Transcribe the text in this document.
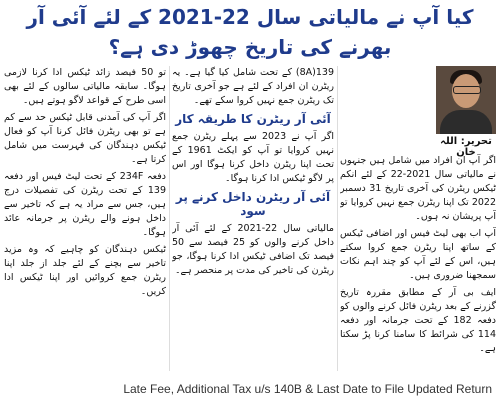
کیا آپ نے مالیاتی سال 22-2021 کے لئے آئی آر بھرنے کی تاریخ چھوڑ دی ہے؟
تحریر: اللہ خان

اگر آپ ان افراد میں شامل ہیں جنہوں نے مالیاتی سال 2021-22 کے لئے انکم ٹیکس ریٹرن کی آخری تاریخ 31 دسمبر 2022 تک اپنا ریٹرن جمع نہیں کروایا تو آپ پریشان نہ ہوں۔

آپ اب بھی لیٹ فیس اور اضافی ٹیکس کے ساتھ اپنا ریٹرن جمع کروا سکتے ہیں، اس کے لئے آپ کو چند اہم نکات سمجھنا ضروری ہیں۔

ایف بی آر کے مطابق مقررہ تاریخ گزرنے کے بعد ریٹرن فائل کرنے والوں کو دفعہ 182 کے تحت جرمانہ اور دفعہ 114 کی شرائط کا سامنا کرنا پڑ سکتا ہے۔

139(8A) کے تحت شامل کیا گیا ہے۔ یہ ریٹرن ان افراد کے لئے ہے جو آخری تاریخ تک ریٹرن جمع نہیں کروا سکے تھے۔

آئی آر ریٹرن کا طریقہ کار

اگر آپ نے 2023 سے پہلے ریٹرن جمع نہیں کروایا تو آپ کو ایکٹ 1961 کے تحت اپنا ریٹرن داخل کرنا ہوگا اور اس پر لاگو ٹیکس ادا کرنا ہوگا۔

آئی آر ریٹرن داخل کرنے پر سود

مالیاتی سال 22-2021 کے لئے آئی آر داخل کرنے والوں کو 25 فیصد سے 50 فیصد تک اضافی ٹیکس ادا کرنا ہوگا، جو ریٹرن کی تاخیر کی مدت پر منحصر ہے۔

تو 50 فیصد زائد ٹیکس ادا کرنا لازمی ہوگا۔ سابقہ مالیاتی سالوں کے لئے بھی اسی طرح کے قواعد لاگو ہوتے ہیں۔

اگر آپ کی آمدنی قابل ٹیکس حد سے کم ہے تو بھی ریٹرن فائل کرنا آپ کو فعال ٹیکس دہندگان کی فہرست میں شامل کرتا ہے۔

دفعہ 234F کے تحت لیٹ فیس اور دفعہ 139 کے تحت ریٹرن کی تفصیلات درج ہیں، جس سے مراد یہ ہے کہ تاخیر سے داخل ہونے والے ریٹرن پر جرمانہ عائد ہوگا۔

ٹیکس دہندگان کو چاہیے کہ وہ مزید تاخیر سے بچنے کے لئے جلد از جلد اپنا ریٹرن جمع کروائیں اور اپنا ٹیکس ادا کریں۔

Late Fee, Additional Tax u/s 140B & Last Date to File Updated Return
